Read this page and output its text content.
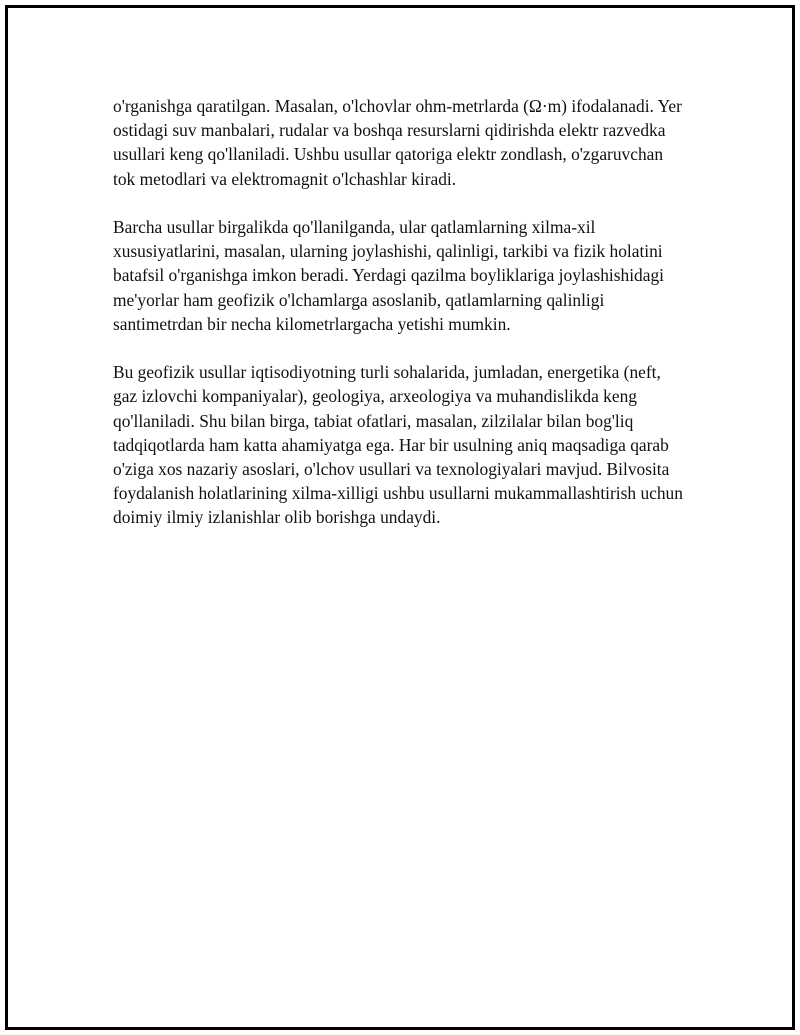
o'rganishga qaratilgan. Masalan, o'lchovlar ohm-metrlarda (Ω·m) ifodalanadi. Yer ostidagi suv manbalari, rudalar va boshqa resurslarni qidirishda elektr razvedka usullari keng qo'llaniladi. Ushbu usullar qatoriga elektr zondlash, o'zgaruvchan tok metodlari va elektromagnit o'lchashlar kiradi.

Barcha usullar birgalikda qo'llanilganda, ular qatlamlarning xilma-xil xususiyatlarini, masalan, ularning joylashishi, qalinligi, tarkibi va fizik holatini batafsil o'rganishga imkon beradi. Yerdagi qazilma boyliklariga joylashishidagi me'yorlar ham geofizik o'lchamlarga asoslanib, qatlamlarning qalinligi santimetrdan bir necha kilometrlargacha yetishi mumkin.

Bu geofizik usullar iqtisodiyotning turli sohalarida, jumladan, energetika (neft, gaz izlovchi kompaniyalar), geologiya, arxeologiya va muhandislikda keng qo'llaniladi. Shu bilan birga, tabiat ofatlari, masalan, zilzilalar bilan bog'liq tadqiqotlarda ham katta ahamiyatga ega. Har bir usulning aniq maqsadiga qarab o'ziga xos nazariy asoslari, o'lchov usullari va texnologiyalari mavjud. Bilvosita foydalanish holatlarining xilma-xilligi ushbu usullarni mukammallashtirish uchun doimiy ilmiy izlanishlar olib borishga undaydi.
